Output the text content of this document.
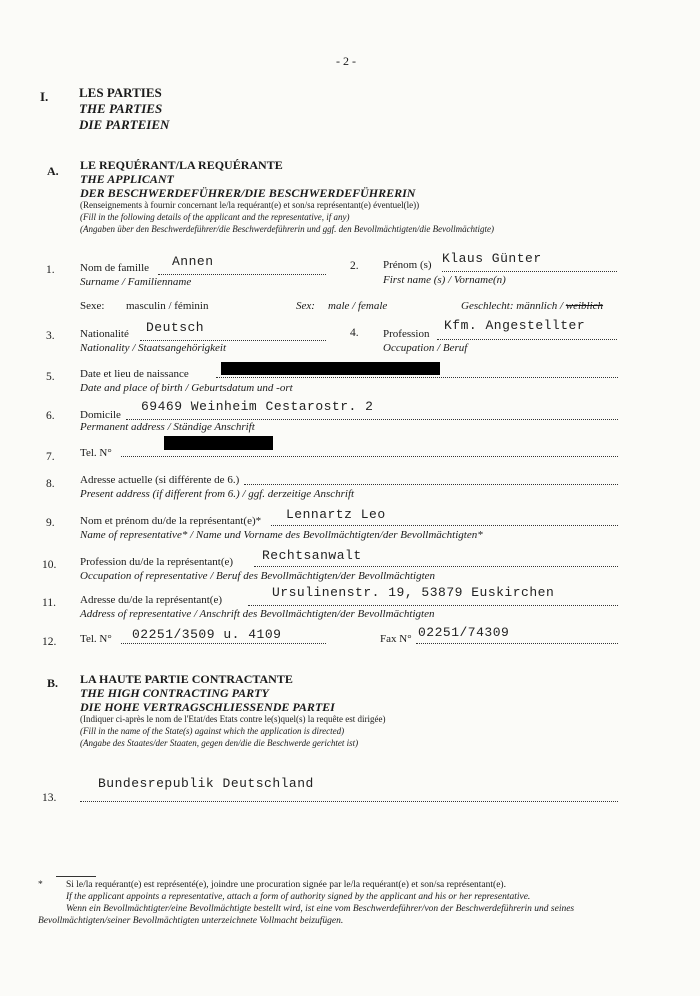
- 2 -
I. LES PARTIES
THE PARTIES
DIE PARTEIEN
A. LE REQUÉRANT/LA REQUÉRANTE
THE APPLICANT
DER BESCHWERDEFÜHRER/DIE BESCHWERDEFÜHRERIN
(Renseignements à fournir concernant le/la requérant(e) et son/sa représentant(e) éventuel(le))
(Fill in the following details of the applicant and the representative, if any)
(Angaben über den Beschwerdeführer/die Beschwerdeführerin und ggf. den Bevollmächtigten/die Bevollmächtigte)
1. Nom de famille Annen
Surname / Familienname
2. Prénom (s) Klaus Günter
First name (s) / Vorname(n)
Sexe: masculin / féminin	Sex: male / female	Geschlecht: männlich / weiblich
3. Nationalité Deutsch
Nationality / Staatsangehörigkeit
4. Profession
Kfm. Angestellter
Occupation / Beruf
5. Date et lieu de naissance
Date and place of birth / Geburtsdatum und -ort
6. Domicile
69469 Weinheim Cestarostr. 2
Permanent address / Ständige Anschrift
7. Tel. N°
8. Adresse actuelle (si différente de 6.)
Present address (if different from 6.) / ggf. derzeitige Anschrift
9. Nom et prénom du/de la représentant(e)* Lennartz Leo
Name of representative* / Name und Vorname des Bevollmächtigten/der Bevollmächtigten*
10. Profession du/de la représentant(e) Rechtsanwalt
Occupation of representative / Beruf des Bevollmächtigten/der Bevollmächtigten
11. Adresse du/de la représentant(e)	Ursulinenstr. 19, 53879 Euskirchen
Address of representative / Anschrift des Bevollmächtigten/der Bevollmächtigten
12. Tel. N° 02251/3509 u. 4109	Fax N° 02251/74309
B. LA HAUTE PARTIE CONTRACTANTE
THE HIGH CONTRACTING PARTY
DIE HOHE VERTRAGSCHLIESSENDE PARTEI
(Indiquer ci-après le nom de l'Etat/des Etats contre le(s)quel(s) la requête est dirigée)
(Fill in the name of the State(s) against which the application is directed)
(Angabe des Staates/der Staaten, gegen den/die die Beschwerde gerichtet ist)
13.
Bundesrepublik Deutschland
* Si le/la requérant(e) est représenté(e), joindre une procuration signée par le/la requérant(e) et son/sa représentant(e).
If the applicant appoints a representative, attach a form of authority signed by the applicant and his or her representative.
Wenn ein Bevollmächtigter/eine Bevollmächtigte bestellt wird, ist eine vom Beschwerdeführer/von der Beschwerdeführerin und seines
Bevollmächtigten/seiner Bevollmächtigten unterzeichnete Vollmacht beizufügen.
